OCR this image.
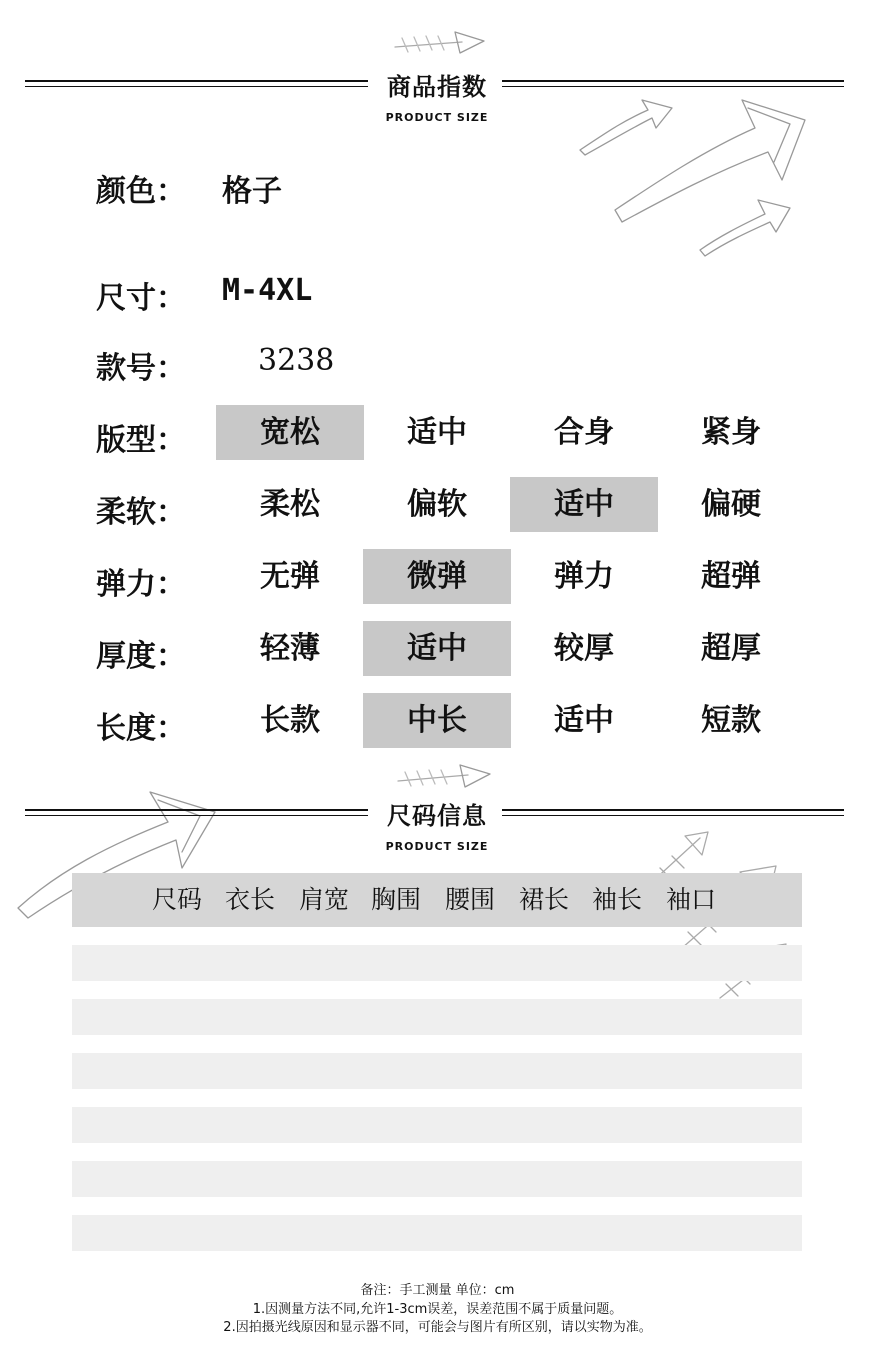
商品指数
PRODUCT SIZE
颜色： 格子
尺寸： M-4XL
款号： 3238
版型：	宽松	适中	合身	紧身
柔软：	柔松	偏软	适中	偏硬
弹力：	无弹	微弹	弹力	超弹
厚度：	轻薄	适中	较厚	超厚
长度：	长款	中长	适中	短款
尺码信息
PRODUCT SIZE
尺码 衣长 肩宽 胸围 腰围 裙长 袖长 袖口
备注：手工测量 单位：cm
1.因测量方法不同,允许1-3cm误差，误差范围不属于质量问题。
2.因拍摄光线原因和显示器不同，可能会与图片有所区别，请以实物为准。
